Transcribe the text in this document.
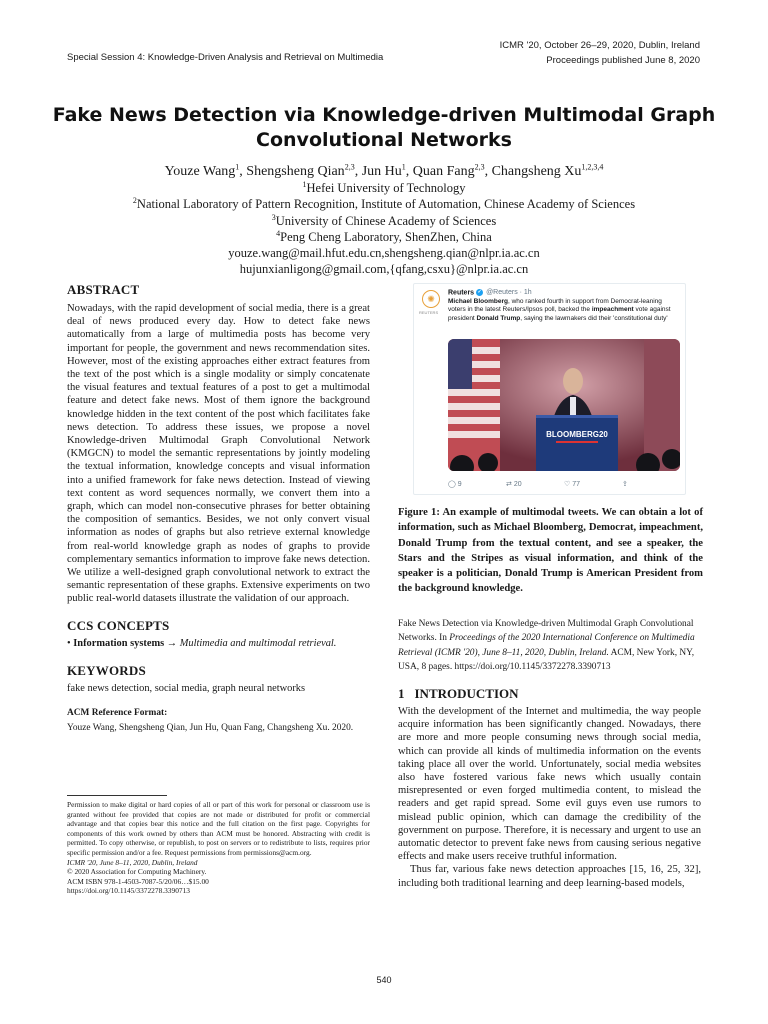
Special Session 4: Knowledge-Driven Analysis and Retrieval on Multimedia
ICMR '20, October 26–29, 2020, Dublin, Ireland
Proceedings published June 8, 2020
Fake News Detection via Knowledge-driven Multimodal Graph
Convolutional Networks
Youze Wang$^1$, Shengsheng Qian$^{2,3}$, Jun Hu$^1$, Quan Fang$^{2,3}$, Changsheng Xu$^{1,2,3,4}$
$^1$Hefei University of Technology
$^2$National Laboratory of Pattern Recognition, Institute of Automation, Chinese Academy of Sciences
$^3$University of Chinese Academy of Sciences
$^4$Peng Cheng Laboratory, ShenZhen, China
youze.wang@mail.hfut.edu.cn,shengsheng.qian@nlpr.ia.ac.cn
hujunxianligong@gmail.com,{qfang,csxu}@nlpr.ia.ac.cn
ABSTRACT

Nowadays, with the rapid development of social media, there is a great deal of news produced every day. How to detect fake news automatically from a large of multimedia posts has become very important for people, the government and news recommendation sites. However, most of the existing approaches either extract features from the text of the post which is a single modality or simply concatenate the visual features and textual features of a post to get a multimodal feature and detect fake news. Most of them ignore the background knowledge hidden in the text content of the post which facilitates fake news detection. To address these issues, we propose a novel Knowledge-driven Multimodal Graph Convolutional Network (KMGCN) to model the semantic representations by jointly modeling the textual information, knowledge concepts and visual information into a unified framework for fake news detection. Instead of viewing text content as word sequences normally, we convert them into a graph, which can model non-consecutive phrases for better obtaining the composition of semantics. Besides, we not only convert visual information as nodes of graphs but also retrieve external knowledge from real-world knowledge graph as nodes of graphs to provide complementary semantics information to improve fake news detection. We utilize a well-designed graph convolutional network to extract the semantic representation of these graphs. Extensive experiments on two public real-world datasets illustrate the validation of our approach.

CCS CONCEPTS
• Information systems → Multimedia and multimodal retrieval.
KEYWORDS
fake news detection, social media, graph neural networks
ACM Reference Format:
Youze Wang, Shengsheng Qian, Jun Hu, Quan Fang, Changsheng Xu. 2020.
Permission to make digital or hard copies of all or part of this work for personal or classroom use is granted without fee provided that copies are not made or distributed for profit or commercial advantage and that copies bear this notice and the full citation on the first page. Copyrights for components of this work owned by others than ACM must be honored. Abstracting with credit is permitted. To copy otherwise, or republish, to post on servers or to redistribute to lists, requires prior specific permission and/or a fee. Request permissions from permissions@acm.org.
ICMR '20, June 8–11, 2020, Dublin, Ireland
© 2020 Association for Computing Machinery.
ACM ISBN 978-1-4503-7087-5/20/06…$15.00
https://doi.org/10.1145/3372278.3390713
✺
REUTERS
Reuters ✓ @Reuters · 1h
Michael Bloomberg, who ranked fourth in support from Democrat-leaning voters in the latest Reuters/Ipsos poll, backed the impeachment vote against president Donald Trump, saying the lawmakers did their 'constitutional duty'
BLOOMBERG20
◯ 9	⇄ 20	♡ 77	⇪
Figure 1: An example of multimodal tweets. We can obtain a lot of information, such as Michael Bloomberg, Democrat, impeachment, Donald Trump from the textual content, and see a speaker, the Stars and the Stripes as visual information, and think of the speaker is a politician, Donald Trump is American President from the background knowledge.
Fake News Detection via Knowledge-driven Multimodal Graph Convolutional Networks. In Proceedings of the 2020 International Conference on Multimedia Retrieval (ICMR '20), June 8–11, 2020, Dublin, Ireland. ACM, New York, NY, USA, 8 pages. https://doi.org/10.1145/3372278.3390713
1 INTRODUCTION

With the development of the Internet and multimedia, the way people acquire information has been significantly changed. Nowadays, there are more and more people consuming news through social media, which can provide all kinds of multimedia information on the events taking place all over the world. Unfortunately, social media websites also have fostered various fake news which usually contain misrepresented or even forged multimedia content, to mislead the readers and get rapid spread. Some evil guys even use rumors to mislead public opinion, which can damage the credibility of the government on purpose. Therefore, it is necessary and urgent to use an automatic detector to prevent fake news from causing serious negative effects and make users receive truthful information.

Thus far, various fake news detection approaches [15, 16, 25, 32], including both traditional learning and deep learning-based models,

540
